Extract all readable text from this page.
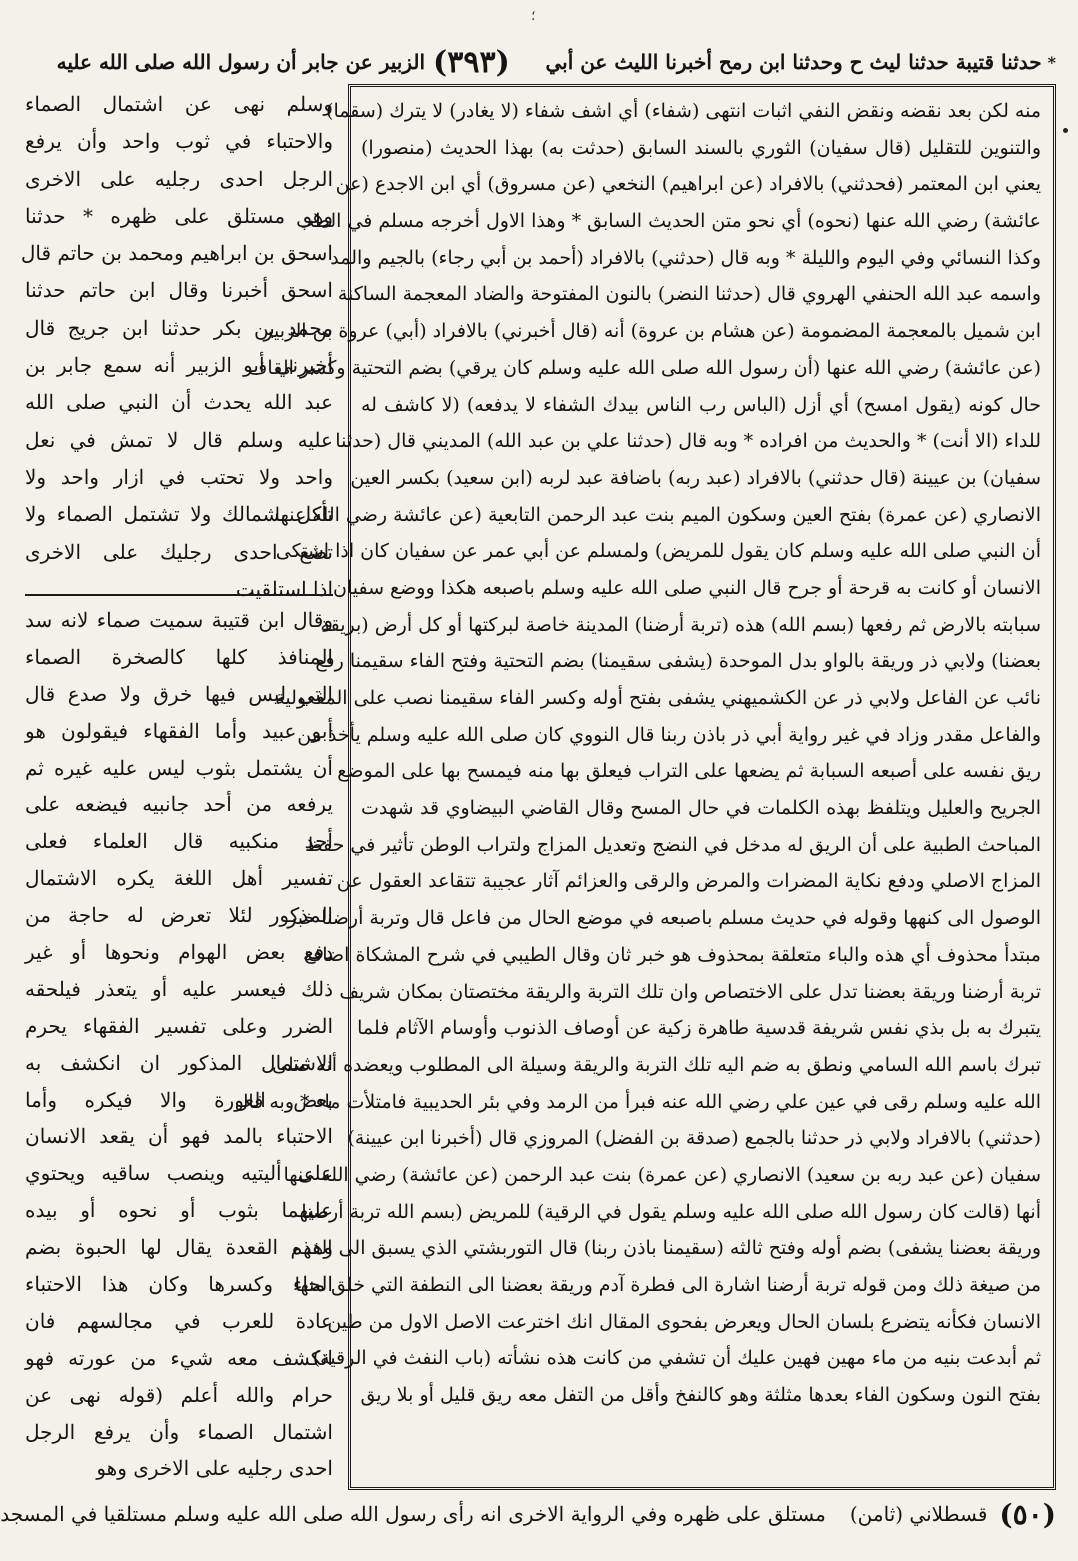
؛
*
حدثنا قتيبة حدثنا ليث ح وحدثنا ابن رمح أخبرنا الليث عن أبي
(٣٩٣)
الزبير عن جابر أن رسول الله صلى الله عليه
منه لكن بعد نقضه ونقض النفي اثبات انتهى (شفاء) أي اشف شفاء (لا يغادر) لا يترك (سقما)
والتنوين للتقليل (قال سفيان) الثوري بالسند السابق (حدثت به) بهذا الحديث (منصورا)
يعني ابن المعتمر (فحدثني) بالافراد (عن ابراهيم) النخعي (عن مسروق) أي ابن الاجدع (عن
عائشة) رضي الله عنها (نحوه) أي نحو متن الحديث السابق * وهذا الاول أخرجه مسلم في الطب
وكذا النسائي وفي اليوم والليلة * وبه قال (حدثني) بالافراد (أحمد بن أبي رجاء) بالجيم والمد
واسمه عبد الله الحنفي الهروي قال (حدثنا النضر) بالنون المفتوحة والضاد المعجمة الساكنة
ابن شميل بالمعجمة المضمومة (عن هشام بن عروة) أنه (قال أخبرني) بالافراد (أبي) عروة بن الزبير
(عن عائشة) رضي الله عنها (أن رسول الله صلى الله عليه وسلم كان يرقي) بضم التحتية وكسر القاف
حال كونه (يقول امسح) أي أزل (الباس رب الناس بيدك الشفاء لا يدفعه) (لا كاشف له
للداء (الا أنت) * والحديث من افراده * وبه قال (حدثنا علي بن عبد الله) المديني قال (حدثنا
سفيان) بن عيينة (قال حدثني) بالافراد (عبد ربه) باضافة عبد لربه (ابن سعيد) بكسر العين
الانصاري (عن عمرة) بفتح العين وسكون الميم بنت عبد الرحمن التابعية (عن عائشة رضي الله عنها
أن النبي صلى الله عليه وسلم كان يقول للمريض) ولمسلم عن أبي عمر عن سفيان كان اذا اشتكى
الانسان أو كانت به قرحة أو جرح قال النبي صلى الله عليه وسلم باصبعه هكذا ووضع سفيان
سبابته بالارض ثم رفعها (بسم الله) هذه (تربة أرضنا) المدينة خاصة لبركتها أو كل أرض (بريقة
بعضنا) ولابي ذر وريقة بالواو بدل الموحدة (يشفى سقيمنا) بضم التحتية وفتح الفاء سقيمنا رفع
نائب عن الفاعل ولابي ذر عن الكشميهني يشفى بفتح أوله وكسر الفاء سقيمنا نصب على المفعولية
والفاعل مقدر وزاد في غير رواية أبي ذر باذن ربنا قال النووي كان صلى الله عليه وسلم يأخذ من
ريق نفسه على أصبعه السبابة ثم يضعها على التراب فيعلق بها منه فيمسح بها على الموضع
الجريح والعليل ويتلفظ بهذه الكلمات في حال المسح وقال القاضي البيضاوي قد شهدت
المباحث الطبية على أن الريق له مدخل في النضج وتعديل المزاج ولتراب الوطن تأثير في حفظ
المزاج الاصلي ودفع نكاية المضرات والمرض والرقى والعزائم آثار عجيبة تتقاعد العقول عن
الوصول الى كنهها وقوله في حديث مسلم باصبعه في موضع الحال من فاعل قال وتربة أرضنا خبر
مبتدأ محذوف أي هذه والباء متعلقة بمحذوف هو خبر ثان وقال الطيبي في شرح المشكاة اضافة
تربة أرضنا وريقة بعضنا تدل على الاختصاص وان تلك التربة والريقة مختصتان بمكان شريف
يتبرك به بل بذي نفس شريفة قدسية طاهرة زكية عن أوصاف الذنوب وأوسام الآثام فلما
تبرك باسم الله السامي ونطق به ضم اليه تلك التربة والريقة وسيلة الى المطلوب ويعضده أنه صلى
الله عليه وسلم رقى في عين علي رضي الله عنه فبرأ من الرمد وفي بئر الحديبية فامتلأت ماء * وبه قال
(حدثني) بالافراد ولابي ذر حدثنا بالجمع (صدقة بن الفضل) المروزي قال (أخبرنا ابن عيينة)
سفيان (عن عبد ربه بن سعيد) الانصاري (عن عمرة) بنت عبد الرحمن (عن عائشة) رضي الله عنها
أنها (قالت كان رسول الله صلى الله عليه وسلم يقول في الرقية) للمريض (بسم الله تربة أرضنا
وريقة بعضنا يشفى) بضم أوله وفتح ثالثه (سقيمنا باذن ربنا) قال التوربشتي الذي يسبق الى الفهم
من صيغة ذلك ومن قوله تربة أرضنا اشارة الى فطرة آدم وريقة بعضنا الى النطفة التي خلق منها
الانسان فكأنه يتضرع بلسان الحال ويعرض بفحوى المقال انك اخترعت الاصل الاول من طين
ثم أبدعت بنيه من ماء مهين فهين عليك أن تشفي من كانت هذه نشأته (باب النفث في الرقية)
بفتح النون وسكون الفاء بعدها مثلثة وهو كالنفخ وأقل من التفل معه ريق قليل أو بلا ريق
وسلم نهى عن اشتمال الصماء
والاحتباء في ثوب واحد وأن يرفع
الرجل احدى رجليه على الاخرى
وهو مستلق على ظهره * حدثنا
اسحق بن ابراهيم ومحمد بن حاتم قال
اسحق أخبرنا وقال ابن حاتم حدثنا
محمد بن بكر حدثنا ابن جريج قال
أخبرني أبو الزبير أنه سمع جابر بن
عبد الله يحدث أن النبي صلى الله
عليه وسلم قال لا تمش في نعل
واحد ولا تحتب في ازار واحد ولا
تأكل بشمالك ولا تشتمل الصماء ولا
تضع احدى رجليك على الاخرى
اذا استلقيت
وقال ابن قتيبة سميت صماء لانه سد
المنافذ كلها كالصخرة الصماء
التي ليس فيها خرق ولا صدع قال
أبو عبيد وأما الفقهاء فيقولون هو
أن يشتمل بثوب ليس عليه غيره ثم
يرفعه من أحد جانبيه فيضعه على
أحد منكبيه قال العلماء فعلى
تفسير أهل اللغة يكره الاشتمال
المذكور لئلا تعرض له حاجة من
دفع بعض الهوام ونحوها أو غير
ذلك فيعسر عليه أو يتعذر فيلحقه
الضرر وعلى تفسير الفقهاء يحرم
الاشتمال المذكور ان انكشف به
بعض العورة والا فيكره وأما
الاحتباء بالمد فهو أن يقعد الانسان
على أليتيه وينصب ساقيه ويحتوي
عليهما بثوب أو نحوه أو بيده
وهذه القعدة يقال لها الحبوة بضم
الحاء وكسرها وكان هذا الاحتباء
عادة للعرب في مجالسهم فان
انكشف معه شيء من عورته فهو
حرام والله أعلم (قوله نهى عن
اشتمال الصماء وأن يرفع الرجل
احدى رجليه على الاخرى وهو
(٥٠)
قسطلاني (ثامن)
مستلق على ظهره وفي الرواية الاخرى انه رأى رسول الله صلى الله عليه وسلم مستلقيا في المسجد
